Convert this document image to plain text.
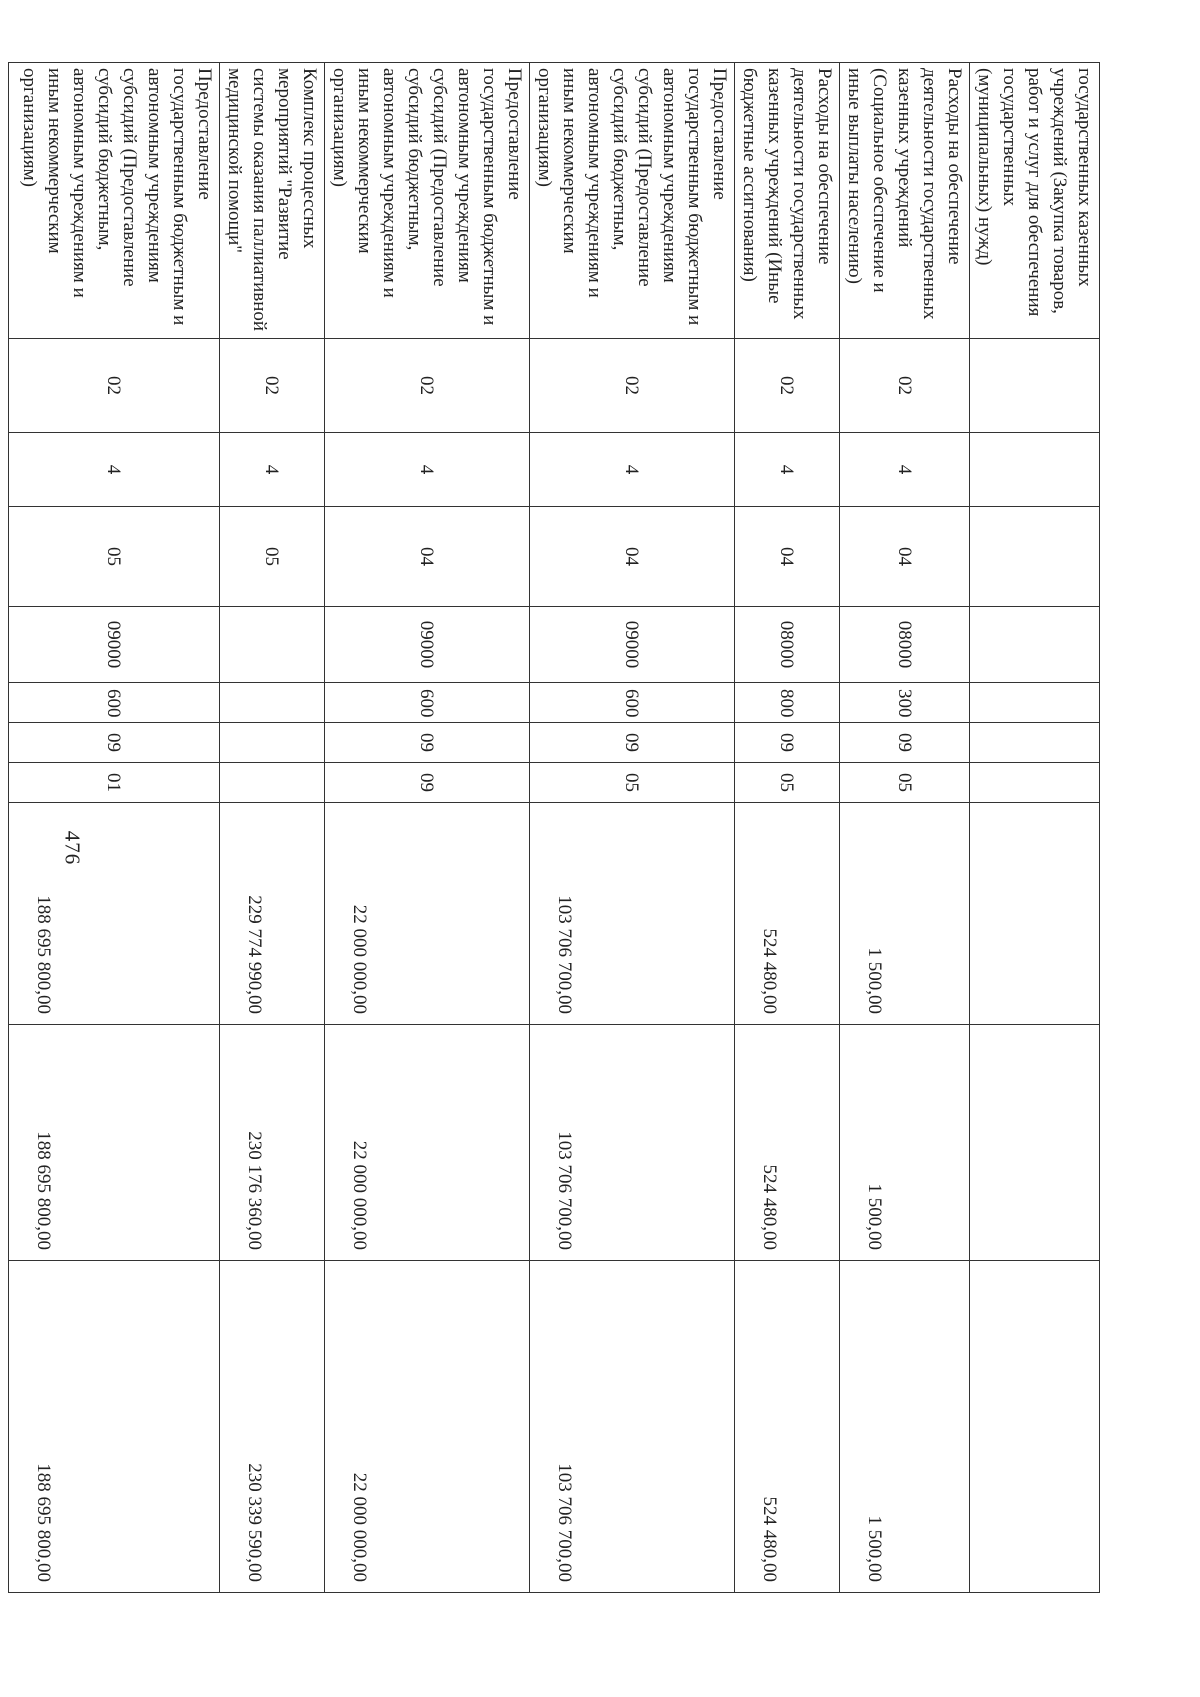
476
государственных казенных учреждений (Закупка товаров, работ и услуг для обеспечения государственных (муниципальных) нужд)										
Расходы на обеспечение деятельности государственных казенных учреждений (Социальное обеспечение и иные выплаты населению)	02	4	04	08000	300	09	05	1 500,00	1 500,00	1 500,00
Расходы на обеспечение деятельности государственных казенных учреждений (Иные бюджетные ассигнования)	02	4	04	08000	800	09	05	524 480,00	524 480,00	524 480,00
Предоставление государственным бюджетным и автономным учреждениям субсидий (Предоставление субсидий бюджетным, автономным учреждениям и иным некоммерческим организациям)	02	4	04	09000	600	09	05	103 706 700,00	103 706 700,00	103 706 700,00
Предоставление государственным бюджетным и автономным учреждениям субсидий (Предоставление субсидий бюджетным, автономным учреждениям и иным некоммерческим организациям)	02	4	04	09000	600	09	09	22 000 000,00	22 000 000,00	22 000 000,00
Комплекс процессных мероприятий "Развитие системы оказания паллиативной медицинской помощи"	02	4	05					229 774 990,00	230 176 360,00	230 339 590,00
Предоставление государственным бюджетным и автономным учреждениям субсидий (Предоставление субсидий бюджетным, автономным учреждениям и иным некоммерческим организациям)	02	4	05	09000	600	09	01	188 695 800,00	188 695 800,00	188 695 800,00
